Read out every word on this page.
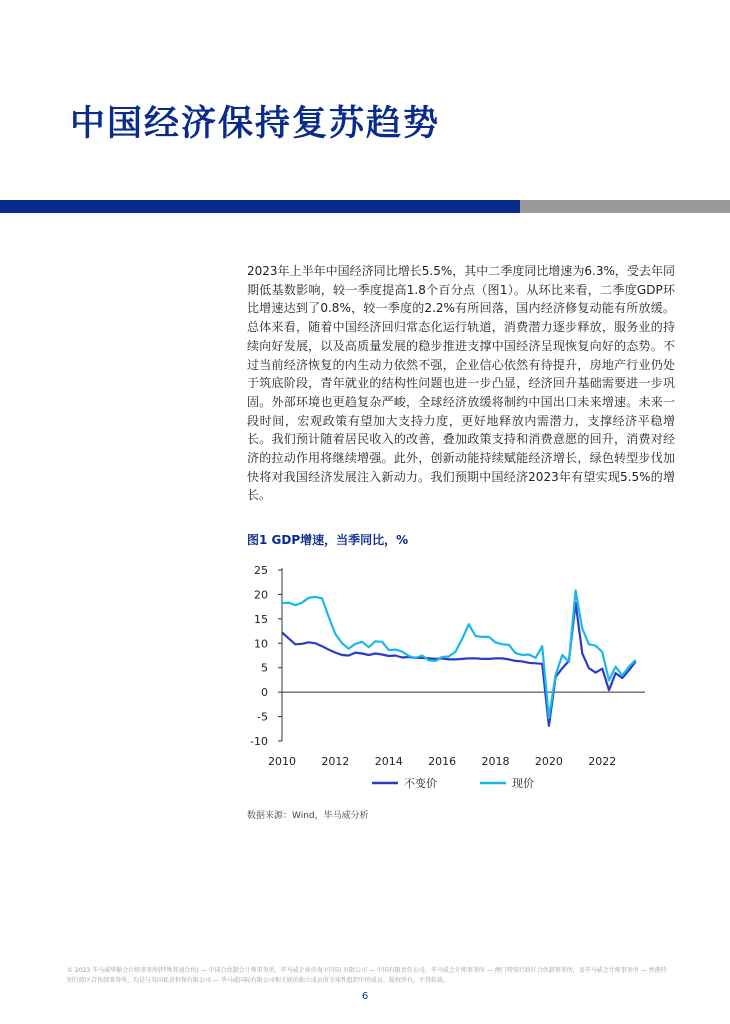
中国经济保持复苏趋势

2023年上半年中国经济同比增长5.5%，其中二季度同比增速为6.3%，受去年同期低基数影响，较一季度提高1.8个百分点（图1）。从环比来看，二季度GDP环比增速达到了0.8%，较一季度的2.2%有所回落，国内经济修复动能有所放缓。总体来看，随着中国经济回归常态化运行轨道，消费潜力逐步释放，服务业的持续向好发展，以及高质量发展的稳步推进支撑中国经济呈现恢复向好的态势。不过当前经济恢复的内生动力依然不强，企业信心依然有待提升，房地产行业仍处于筑底阶段，青年就业的结构性问题也进一步凸显，经济回升基础需要进一步巩固。外部环境也更趋复杂严峻，全球经济放缓将制约中国出口未来增速。未来一段时间，宏观政策有望加大支持力度，更好地释放内需潜力，支撑经济平稳增长。我们预计随着居民收入的改善，叠加政策支持和消费意愿的回升，消费对经济的拉动作用将继续增强。此外，创新动能持续赋能经济增长，绿色转型步伐加快将对我国经济发展注入新动力。我们预期中国经济2023年有望实现5.5%的增长。

图1 GDP增速，当季同比，%

25
20
15
10
5
0
-5
-10
2010 2012 2014 2016 2018 2020 2022
不变价	现价

数据来源：Wind，毕马威分析

© 2023 毕马威华振会计师事务所(特殊普通合伙) — 中国合伙制会计师事务所，毕马威企业咨询 (中国) 有限公司 — 中国有限责任公司，毕马威会计师事务所 — 澳门特别行政区合伙制事务所，及毕马威会计师事务所 — 香港特别行政区合伙制事务所，均是与英国私营担保有限公司 — 毕马威国际有限公司相关联的独立成员所全球性组织中的成员。版权所有，不得转载。

6
